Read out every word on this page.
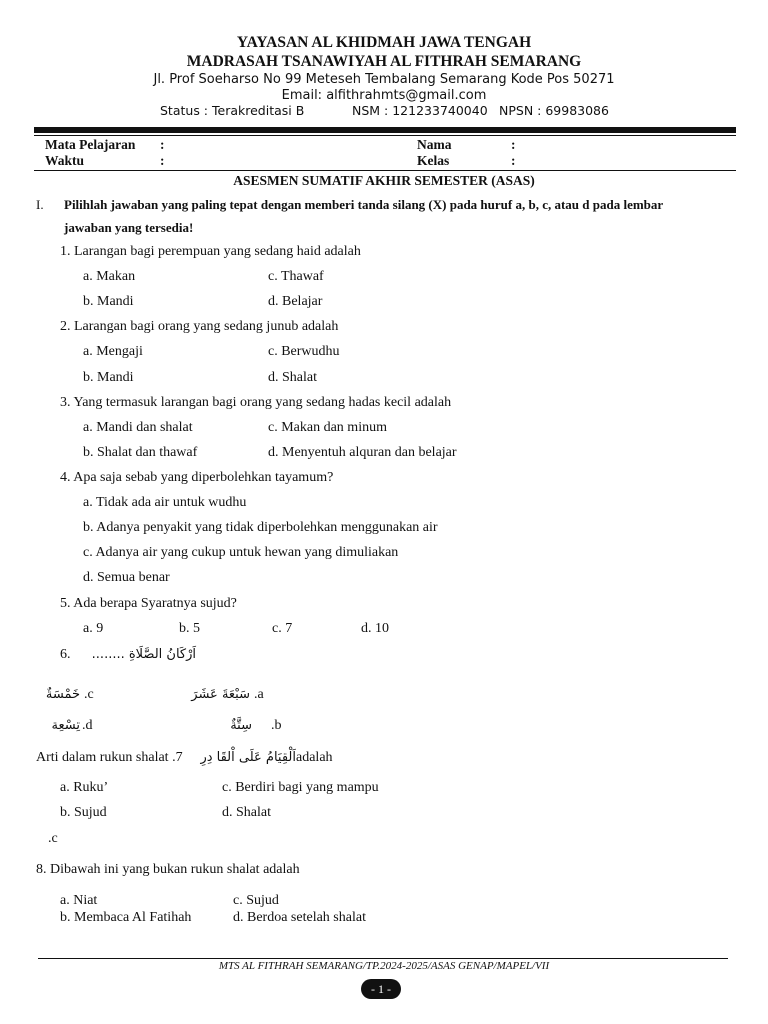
YAYASAN AL KHIDMAH JAWA TENGAH
MADRASAH TSANAWIYAH AL FITHRAH SEMARANG
Jl. Prof Soeharso No 99 Meteseh Tembalang Semarang Kode Pos 50271
Email: alfithrahmts@gmail.com
Status : Terakreditasi B	NSM : 121233740040 NPSN : 69983086
Mata Pelajaran :	Nama	:
Waktu	:	Kelas	:
ASESMEN SUMATIF AKHIR SEMESTER (ASAS)
I. Pilihlah jawaban yang paling tepat dengan memberi tanda silang (X) pada huruf a, b, c, atau d pada lembar
jawaban yang tersedia!
1. Larangan bagi perempuan yang sedang haid adalah
a. Makan	c. Thawaf
b. Mandi	d. Belajar
2. Larangan bagi orang yang sedang junub adalah
a. Mengaji	c. Berwudhu
b. Mandi	d. Shalat
3. Yang termasuk larangan bagi orang yang sedang hadas kecil adalah
a. Mandi dan shalat	c. Makan dan minum
b. Shalat dan thawaf	d. Menyentuh alquran dan belajar
4. Apa saja sebab yang diperbolehkan tayamum?
a. Tidak ada air untuk wudhu
b. Adanya penyakit yang tidak diperbolehkan menggunakan air
c. Adanya air yang cukup untuk hewan yang dimuliakan
d. Semua benar
5. Ada berapa Syaratnya sujud?
a. 9	b. 5	c. 7	d. 10
6.	اَرْكَانُ الصَّلَاةِ ........
خَمْسَةٌ .c	سَبْعَةَ عَشَرَ .a
تِسْعِة .d	سِتَّةٌ .b
Arti dalam rukun shalat .7 اَلْقِيَامُ عَلَى اْلقَا دِرِ adalah
a. Ruku’	c. Berdiri bagi yang mampu
b. Sujud	d. Shalat
.c
8. Dibawah ini yang bukan rukun shalat adalah
a. Niat	c. Sujud
b. Membaca Al Fatihah	d. Berdoa setelah shalat
MTS AL FITHRAH SEMARANG/TP.2024-2025/ASAS GENAP/MAPEL/VII
- 1 -
